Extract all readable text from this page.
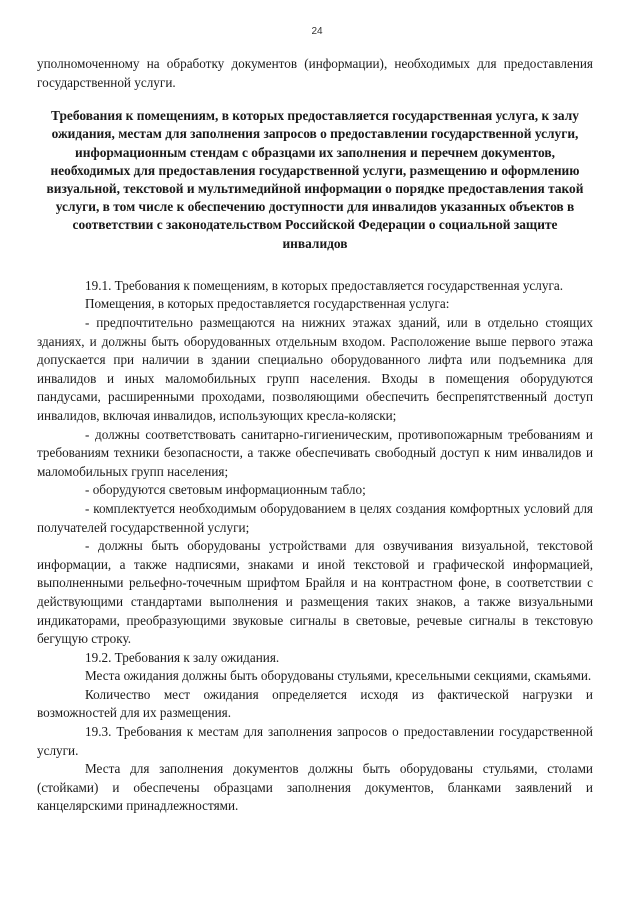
24

уполномоченному на обработку документов (информации), необходимых для предоставления государственной услуги.

Требования к помещениям, в которых предоставляется государственная услуга, к залу ожидания, местам для заполнения запросов о предоставлении государственной услуги, информационным стендам с образцами их заполнения и перечнем документов, необходимых для предоставления государственной услуги, размещению и оформлению визуальной, текстовой и мультимедийной информации о порядке предоставления такой услуги, в том числе к обеспечению доступности для инвалидов указанных объектов в соответствии с законодательством Российской Федерации о социальной защите инвалидов

19.1. Требования к помещениям, в которых предоставляется государственная услуга.

Помещения, в которых предоставляется государственная услуга:

- предпочтительно размещаются на нижних этажах зданий, или в отдельно стоящих зданиях, и должны быть оборудованных отдельным входом. Расположение выше первого этажа допускается при наличии в здании специально оборудованного лифта или подъемника для инвалидов и иных маломобильных групп населения. Входы в помещения оборудуются пандусами, расширенными проходами, позволяющими обеспечить беспрепятственный доступ инвалидов, включая инвалидов, использующих кресла-коляски;

- должны соответствовать санитарно-гигиеническим, противопожарным требованиям и требованиям техники безопасности, а также обеспечивать свободный доступ к ним инвалидов и маломобильных групп населения;

- оборудуются световым информационным табло;

- комплектуется необходимым оборудованием в целях создания комфортных условий для получателей государственной услуги;

- должны быть оборудованы устройствами для озвучивания визуальной, текстовой информации, а также надписями, знаками и иной текстовой и графической информацией, выполненными рельефно-точечным шрифтом Брайля и на контрастном фоне, в соответствии с действующими стандартами выполнения и размещения таких знаков, а также визуальными индикаторами, преобразующими звуковые сигналы в световые, речевые сигналы в текстовую бегущую строку.

19.2. Требования к залу ожидания.

Места ожидания должны быть оборудованы стульями, кресельными секциями, скамьями.

Количество мест ожидания определяется исходя из фактической нагрузки и возможностей для их размещения.

19.3. Требования к местам для заполнения запросов о предоставлении государственной услуги.

Места для заполнения документов должны быть оборудованы стульями, столами (стойками) и обеспечены образцами заполнения документов, бланками заявлений и канцелярскими принадлежностями.
